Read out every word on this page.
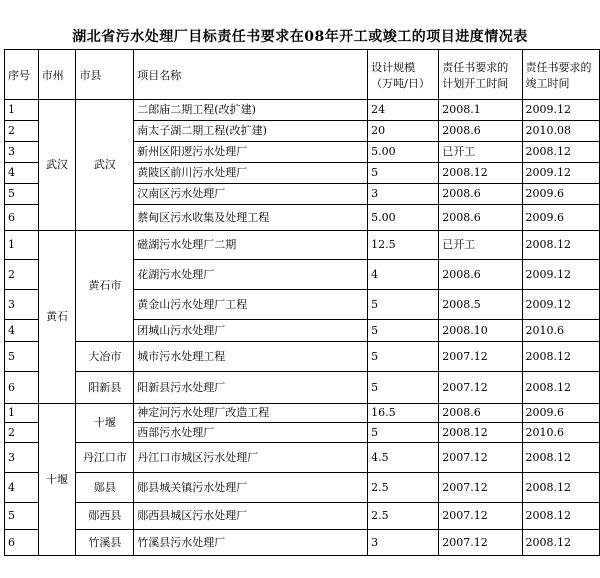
湖北省污水处理厂目标责任书要求在08年开工或竣工的项目进度情况表
序号	市州	市县	项目名称	设计规模（万吨/日）	责任书要求的计划开工时间	责任书要求的竣工时间
1	武汉	武汉	二郎庙二期工程(改扩建)	24	2008.1	2009.12
2			南太子湖二期工程(改扩建)	20	2008.6	2010.08
3			新州区阳逻污水处理厂	5.00	已开工	2008.12
4			黄陂区前川污水处理厂	5	2008.12	2009.12
5			汉南区污水处理厂	3	2008.6	2009.6
6			蔡甸区污水收集及处理工程	5.00	2008.6	2009.6
1	黄石	黄石市	磁湖污水处理厂二期	12.5	已开工	2008.12
2			花湖污水处理厂	4	2008.6	2009.12
3			黄金山污水处理厂工程	5	2008.5	2009.12
4			团城山污水处理厂	5	2008.10	2010.6
5		大冶市	城市污水处理工程	5	2007.12	2008.12
6		阳新县	阳新县污水处理厂	5	2007.12	2008.12
1	十堰	十堰	神定河污水处理厂改造工程	16.5	2008.6	2009.6
2			西部污水处理厂	5	2008.12	2010.6
3		丹江口市	丹江口市城区污水处理厂	4.5	2007.12	2008.12
4		郧县	郧县城关镇污水处理厂	2.5	2007.12	2008.12
5		郧西县	郧西县城区污水处理厂	2.5	2007.12	2008.12
6		竹溪县	竹溪县污水处理厂	3	2007.12	2008.12
